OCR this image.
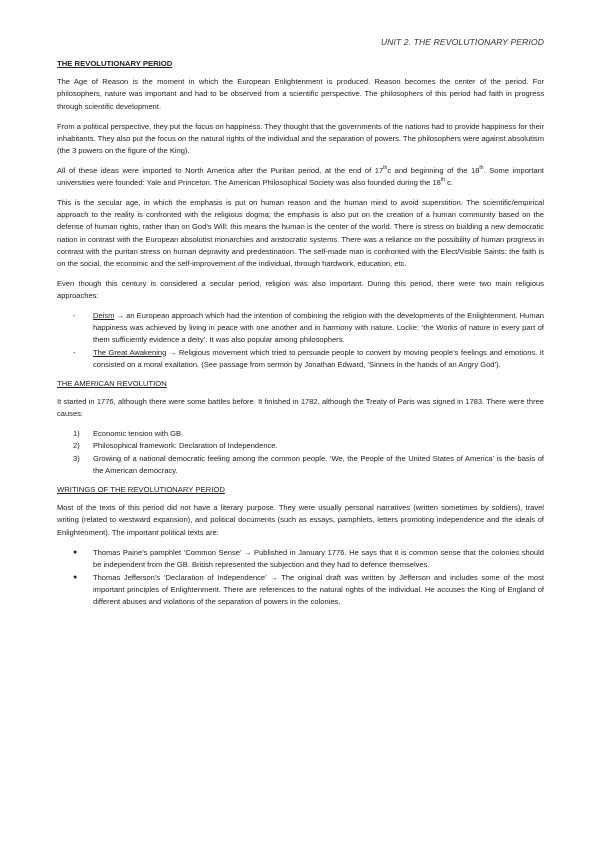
UNIT 2. THE REVOLUTIONARY PERIOD
THE REVOLUTIONARY PERIOD

The Age of Reason is the moment in which the European Enlightenment is produced. Reason becomes the center of the period. For philosophers, nature was important and had to be observed from a scientific perspective. The philosophers of this period had faith in progress through scientific development.

From a political perspective, they put the focus on happiness. They thought that the governments of the nations had to provide happiness for their inhabitants. They also put the focus on the natural rights of the individual and the separation of powers. The philosophers were against absolutism (the 3 powers on the figure of the King).

All of these ideas were imported to North America after the Puritan period, at the end of 17thc and beginning of the 18th. Some important universities were founded: Yale and Princeton. The American Philosophical Society was also founded during the 18th c.

This is the secular age, in which the emphasis is put on human reason and the human mind to avoid superstition. The scientific/empirical approach to the reality is confronted with the religious dogma; the emphasis is also put on the creation of a human community based on the defense of human rights, rather than on God’s Will: this means the human is the center of the world. There is stress on building a new democratic nation in contrast with the European absolutist monarchies and aristocratic systems. There was a reliance on the possibility of human progress in contrast with the puritan stress on human depravity and predestination. The self-made man is confronted with the Elect/Visible Saints: the faith is on the social, the economic and the self-improvement of the individual, through hardwork, education, etc.

Even though this century is considered a secular period, religion was also important. During this period, there were two main religious approaches:

- Deism → an European approach which had the intention of combining the religion with the developments of the Enlightenment. Human happiness was achieved by living in peace with one another and in harmony with nature. Locke: ‘the Works of nature in every part of them sufficiently evidence a deity’. It was also popular among philosophers.
- The Great Awakening → Religious movement which tried to persuade people to convert by moving people’s feelings and emotions. It consisted on a moral exaltation. (See passage from sermon by Jonathan Edward, ‘Sinners in the hands of an Angry God’).
THE AMERICAN REVOLUTION

It started in 1776, although there were some battles before. It finished in 1782, although the Treaty of Paris was signed in 1783. There were three causes:

1) Economic tension with GB.
2) Philosophical framework: Declaration of Independence.
3) Growing of a national democratic feeling among the common people. ‘We, the People of the United States of America’ is the basis of the American democracy.
WRITINGS OF THE REVOLUTIONARY PERIOD

Most of the texts of this period did not have a literary purpose. They were usually personal narratives (written sometimes by soldiers), travel writing (related to westward expansion), and political documents (such as essays, pamphlets, letters promoting independence and the ideals of Enlightenment). The important political texts are:

● Thomas Paine’s pamphlet ‘Common Sense’ → Published in January 1776. He says that it is common sense that the colonies should be independent from the GB. British represented the subjection and they had to defence themselves.
● Thomas Jefferson’s ‘Declaration of Independence’ → The original draft was written by Jefferson and includes some of the most important principles of Enlightenment. There are references to the natural rights of the individual. He accuses the King of England of different abuses and violations of the separation of powers in the colonies.
